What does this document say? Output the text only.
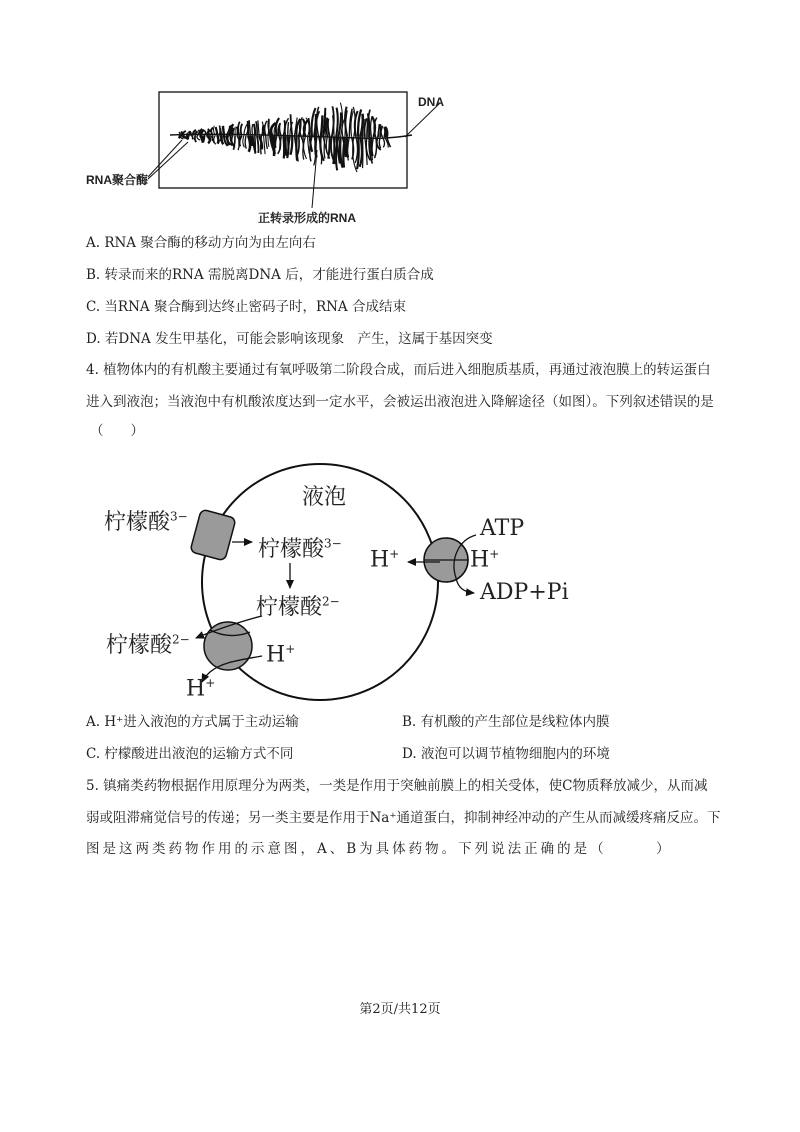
DNA
RNA聚合酶
正转录形成的RNA
A. RNA 聚合酶的移动方向为由左向右
B. 转录而来的RNA 需脱离DNA 后，才能进行蛋白质合成
C. 当RNA 聚合酶到达终止密码子时，RNA 合成结束
D. 若DNA 发生甲基化，可能会影响该现象　产生，这属于基因突变
4. 植物体内的有机酸主要通过有氧呼吸第二阶段合成，而后进入细胞质基质，再通过液泡膜上的转运蛋白
进入到液泡；当液泡中有机酸浓度达到一定水平，会被运出液泡进入降解途径（如图）。下列叙述错误的是
（　　）
液泡
柠檬酸$^{3-}$
柠檬酸$^{3-}$
柠檬酸$^{2-}$
柠檬酸$^{2-}$
ATP
ADP+Pi
H+	H+
H+
H+
A. H⁺进入液泡的方式属于主动运输	B. 有机酸的产生部位是线粒体内膜
C. 柠檬酸进出液泡的运输方式不同	D. 液泡可以调节植物细胞内的环境
5. 镇痛类药物根据作用原理分为两类，一类是作用于突触前膜上的相关受体，使C物质释放减少，从而减
弱或阻滞痛觉信号的传递；另一类主要是作用于Na⁺通道蛋白，抑制神经冲动的产生从而减缓疼痛反应。下
图是这两类药物作用的示意图，A、B为具体药物。下列说法正确的是（　　　）
第2页/共12页
